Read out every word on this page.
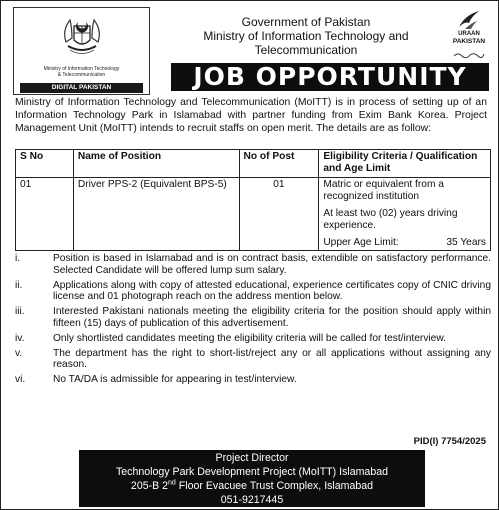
Ministry of Information Technology
& Telecommunication
DIGITAL PAKISTAN
Government of Pakistan
Ministry of Information Technology and
Telecommunication
URAAN
PAKISTAN
JOB OPPORTUNITY
Ministry of Information Technology and Telecommunication (MoITT) is in process of setting up of an Information Technology Park in Islamabad with partner funding from Exim Bank Korea. Project Management Unit (MoITT) intends to recruit staffs on open merit. The details are as follow:
S No	Name of Position	No of Post	Eligibility Criteria / Qualification and Age Limit
01	Driver PPS-2 (Equivalent BPS-5)	01	Matric or equivalent from a recognized institution

At least two (02) years driving experience.

Upper Age Limit: 35 Years

i.	Position is based in Islamabad and is on contract basis, extendible on satisfactory performance. Selected Candidate will be offered lump sum salary.
ii.	Applications along with copy of attested educational, experience certificates copy of CNIC driving license and 01 photograph reach on the address mention below.
iii.	Interested Pakistani nationals meeting the eligibility criteria for the position should apply within fifteen (15) days of publication of this advertisement.
iv.	Only shortlisted candidates meeting the eligibility criteria will be called for test/interview.
v.	The department has the right to short-list/reject any or all applications without assigning any reason.
vi.	No TA/DA is admissible for appearing in test/interview.
PID(I) 7754/2025
Project Director
Technology Park Development Project (MoITT) Islamabad
205-B 2nd Floor Evacuee Trust Complex, Islamabad
051-9217445
